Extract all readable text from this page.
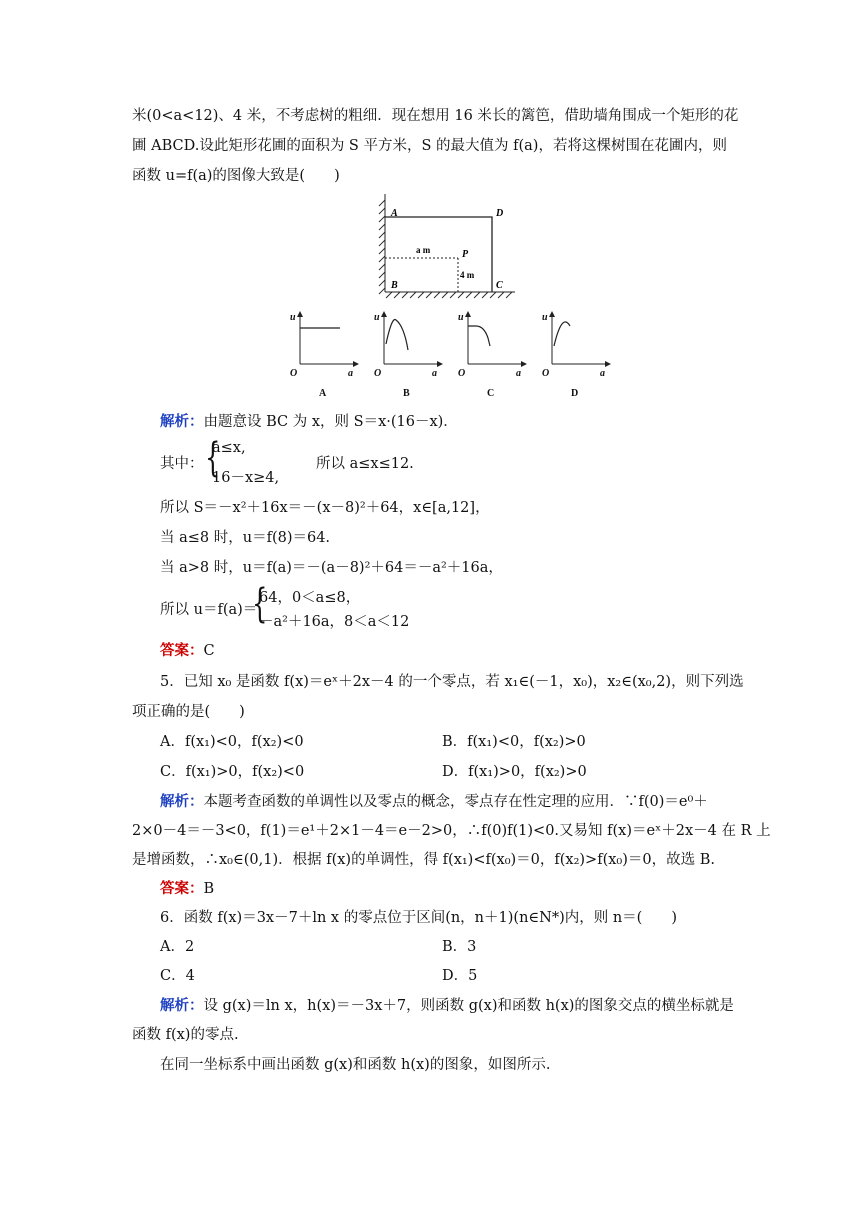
米(0<a<12)、4 米，不考虑树的粗细．现在想用 16 米长的篱笆，借助墙角围成一个矩形的花
圃 ABCD.设此矩形花圃的面积为 S 平方米，S 的最大值为 f(a)，若将这棵树围在花圃内，则
函数 u=f(a)的图像大致是(　　)
A	D
P
B	C
a m
4 m
u
O	a
u
O	a
u
O	a
u
O	a
A	B	C	D
解析：由题意设 BC 为 x，则 S＝x·(16－x)．
其中： {
a≤x,
16－x≥4,
所以 a≤x≤12.
所以 S＝－x²＋16x＝－(x－8)²＋64，x∈[a,12]，
当 a≤8 时，u＝f(8)＝64.
当 a>8 时，u＝f(a)＝－(a－8)²＋64＝－a²＋16a，
所以 u＝f(a)＝
{
64，0＜a≤8，
－a²＋16a，8＜a＜12
答案：C
5．已知 x₀ 是函数 f(x)＝eˣ＋2x－4 的一个零点，若 x₁∈(－1，x₀)，x₂∈(x₀,2)，则下列选
项正确的是(　　)
A．f(x₁)<0，f(x₂)<0	B．f(x₁)<0，f(x₂)>0
C．f(x₁)>0，f(x₂)<0	D．f(x₁)>0，f(x₂)>0
解析：本题考查函数的单调性以及零点的概念，零点存在性定理的应用．∵f(0)＝e⁰＋
2×0－4＝－3<0，f(1)＝e¹＋2×1－4＝e－2>0，∴f(0)f(1)<0.又易知 f(x)＝eˣ＋2x－4 在 R 上
是增函数，∴x₀∈(0,1)．根据 f(x)的单调性，得 f(x₁)<f(x₀)＝0，f(x₂)>f(x₀)＝0，故选 B.
答案：B
6．函数 f(x)＝3x－7＋ln x 的零点位于区间(n，n＋1)(n∈N*)内，则 n＝(　　)
A．2	B．3
C．4	D．5
解析：设 g(x)＝ln x，h(x)＝－3x＋7，则函数 g(x)和函数 h(x)的图象交点的横坐标就是
函数 f(x)的零点.
在同一坐标系中画出函数 g(x)和函数 h(x)的图象，如图所示.
